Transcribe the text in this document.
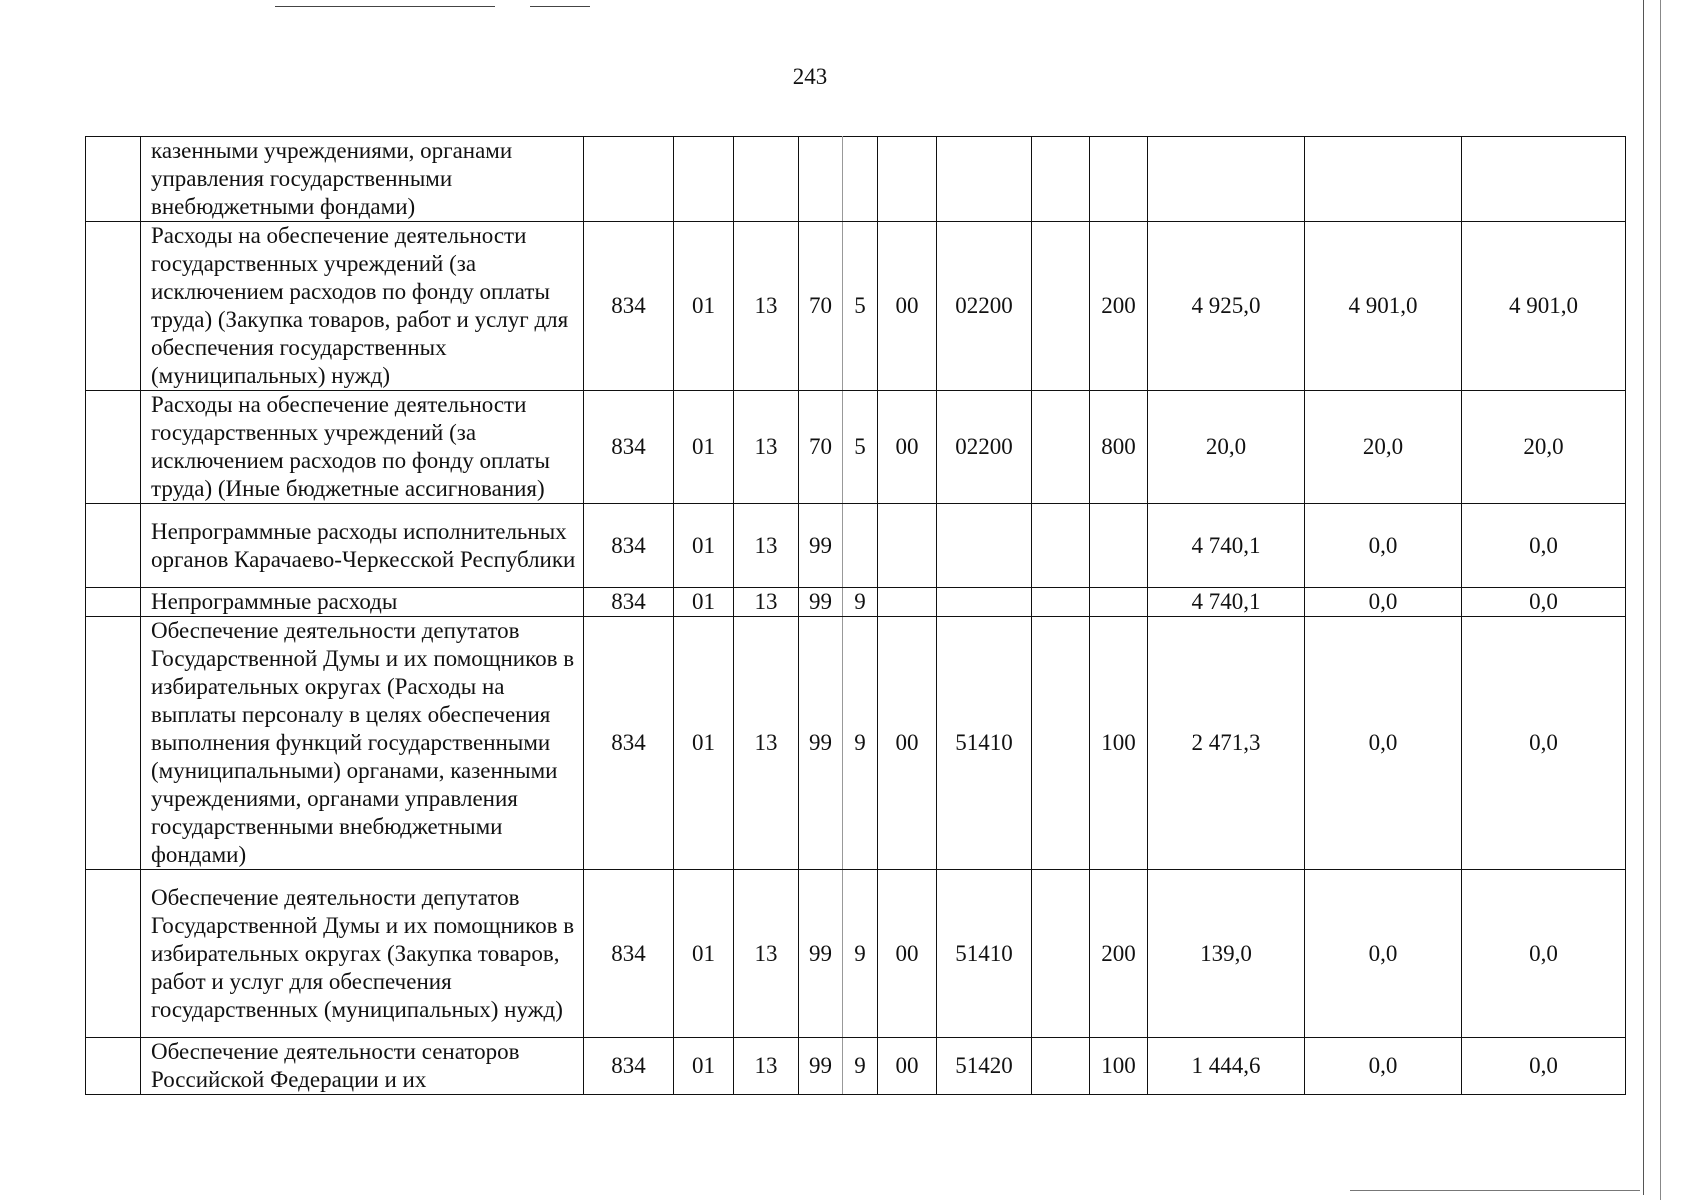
243
	казенными учреждениями, органами управления государственными внебюджетными фондами)												
	Расходы на обеспечение деятельности государственных учреждений (за исключением расходов по фонду оплаты труда) (Закупка товаров, работ и услуг для обеспечения государственных (муниципальных) нужд)	834	01	13	70	5	00	02200		200	4 925,0	4 901,0	4 901,0
	Расходы на обеспечение деятельности государственных учреждений (за исключением расходов по фонду оплаты труда) (Иные бюджетные ассигнования)	834	01	13	70	5	00	02200		800	20,0	20,0	20,0
	Непрограммные расходы исполнительных органов Карачаево-Черкесской Республики	834	01	13	99						4 740,1	0,0	0,0
	Непрограммные расходы	834	01	13	99	9					4 740,1	0,0	0,0
	Обеспечение деятельности депутатов Государственной Думы и их помощников в избирательных округах (Расходы на выплаты персоналу в целях обеспечения выполнения функций государственными (муниципальными) органами, казенными учреждениями, органами управления государственными внебюджетными фондами)	834	01	13	99	9	00	51410		100	2 471,3	0,0	0,0
	Обеспечение деятельности депутатов Государственной Думы и их помощников в избирательных округах (Закупка товаров, работ и услуг для обеспечения государственных (муниципальных) нужд)	834	01	13	99	9	00	51410		200	139,0	0,0	0,0
	Обеспечение деятельности сенаторов Российской Федерации и их	834	01	13	99	9	00	51420		100	1 444,6	0,0	0,0
